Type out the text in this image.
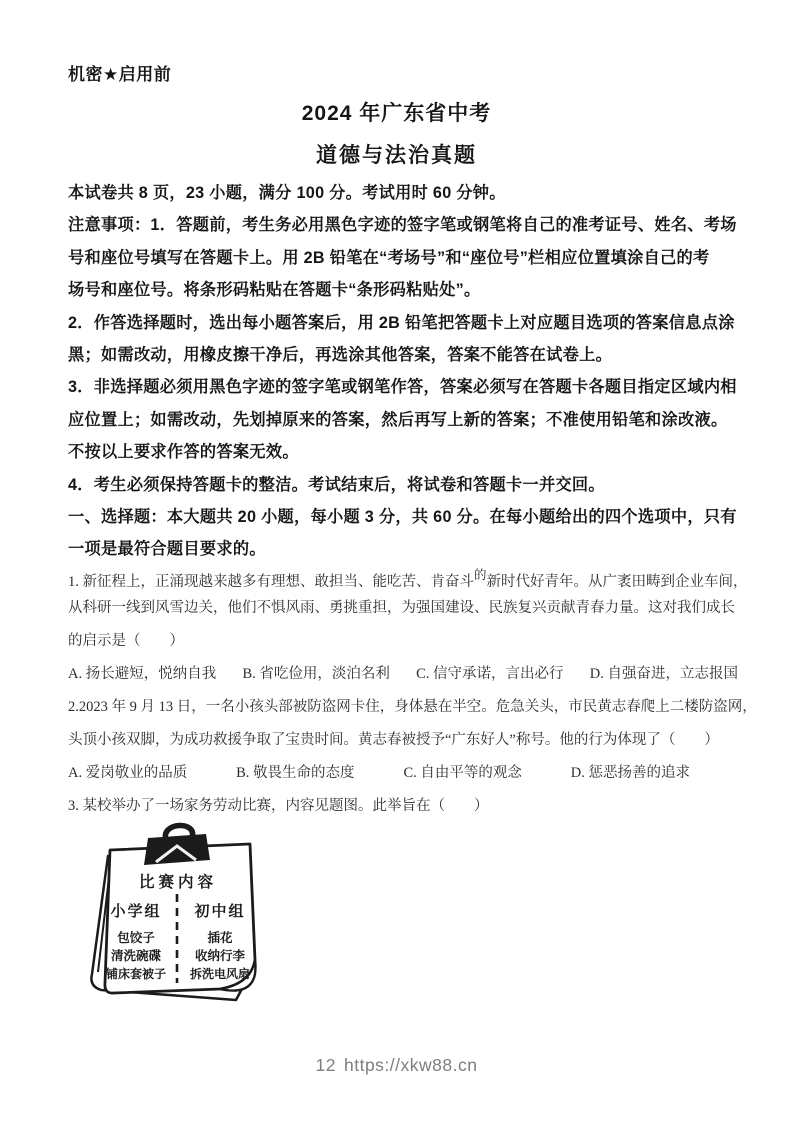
机密★启用前
2024 年广东省中考
道德与法治真题
本试卷共 8 页，23 小题，满分 100 分。考试用时 60 分钟。
注意事项：1．答题前，考生务必用黑色字迹的签字笔或钢笔将自己的准考证号、姓名、考场
号和座位号填写在答题卡上。用 2B 铅笔在“考场号”和“座位号”栏相应位置填涂自己的考
场号和座位号。将条形码粘贴在答题卡“条形码粘贴处”。
2．作答选择题时，选出每小题答案后，用 2B 铅笔把答题卡上对应题目选项的答案信息点涂
黑；如需改动，用橡皮擦干净后，再选涂其他答案，答案不能答在试卷上。
3．非选择题必须用黑色字迹的签字笔或钢笔作答，答案必须写在答题卡各题目指定区域内相
应位置上；如需改动，先划掉原来的答案，然后再写上新的答案；不准使用铅笔和涂改液。
不按以上要求作答的答案无效。
4．考生必须保持答题卡的整洁。考试结束后，将试卷和答题卡一并交回。
一、选择题：本大题共 20 小题，每小题 3 分，共 60 分。在每小题给出的四个选项中，只有
一项是最符合题目要求的。
1. 新征程上，正涌现越来越多有理想、敢担当、能吃苦、肯奋斗$^的$新时代好青年。从广袤田畴到企业车间，
从科研一线到风雪边关，他们不惧风雨、勇挑重担，为强国建设、民族复兴贡献青春力量。这对我们成长
的启示是（　　）
A. 扬长避短，悦纳自我 B. 省吃俭用，淡泊名利 C. 信守承诺，言出必行 D. 自强奋进，立志报国
2.2023 年 9 月 13 日，一名小孩头部被防盗网卡住，身体悬在半空。危急关头，市民黄志春爬上二楼防盗网，
头顶小孩双脚，为成功救援争取了宝贵时间。黄志春被授予“广东好人”称号。他的行为体现了（　　）
A. 爱岗敬业的品质	B. 敬畏生命的态度	C. 自由平等的观念	D. 惩恶扬善的追求
3. 某校举办了一场家务劳动比赛，内容见题图。此举旨在（　　）
比赛内容
小学组 初中组
包饺子
清洗碗碟
铺床套被子
插花
收纳行李
拆洗电风扇
12 https://xkw88.cn
